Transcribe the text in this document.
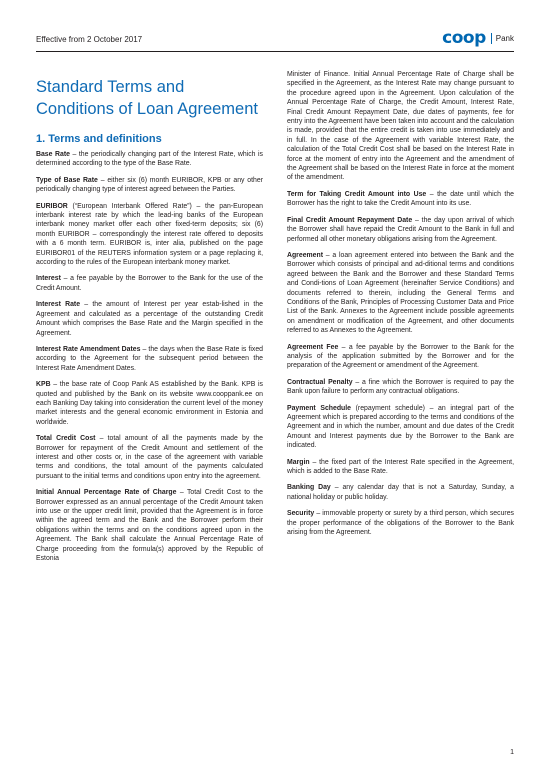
Effective from 2 October 2017	coop Pank
Standard Terms and Conditions of Loan Agreement
1. Terms and definitions

Base Rate – the periodically changing part of the Interest Rate, which is determined according to the type of the Base Rate.

Type of Base Rate – either six (6) month EURIBOR, KPB or any other periodically changing type of interest agreed between the Parties.

EURIBOR (“European Interbank Offered Rate”) – the pan-European interbank interest rate by which the lead-ing banks of the European interbank money market offer each other fixed-term deposits; six (6) month EURIBOR – correspondingly the interest rate offered to deposits with a 6 month term. EURIBOR is, inter alia, published on the page EURIBOR01 of the REUTERS information system or a page replacing it, according to the rules of the European interbank money market.

Interest – a fee payable by the Borrower to the Bank for the use of the Credit Amount.

Interest Rate – the amount of Interest per year estab-lished in the Agreement and calculated as a percentage of the outstanding Credit Amount which comprises the Base Rate and the Margin specified in the Agreement.

Interest Rate Amendment Dates – the days when the Base Rate is fixed according to the Agreement for the subsequent period between the Interest Rate Amendment Dates.

KPB – the base rate of Coop Pank AS established by the Bank. KPB is quoted and published by the Bank on its website www.cooppank.ee on each Banking Day taking into consideration the current level of the money market interests and the general economic environment in Estonia and worldwide.

Total Credit Cost – total amount of all the payments made by the Borrower for repayment of the Credit Amount and settlement of the interest and other costs or, in the case of the agreement with variable terms and conditions, the total amount of the payments calculated pursuant to the initial terms and conditions upon entry into the agreement.

Initial Annual Percentage Rate of Charge – Total Credit Cost to the Borrower expressed as an annual percentage of the Credit Amount taken into use or the upper credit limit, provided that the Agreement is in force within the agreed term and the Bank and the Borrower perform their obligations within the terms and on the conditions agreed upon in the Agreement. The Bank shall calculate the Annual Percentage Rate of Charge proceeding from the formula(s) approved by the Republic of Estonia

Minister of Finance. Initial Annual Percentage Rate of Charge shall be specified in the Agreement, as the Interest Rate may change pursuant to the procedure agreed upon in the Agreement. Upon calculation of the Annual Percentage Rate of Charge, the Credit Amount, Interest Rate, Final Credit Amount Repayment Date, due dates of payments, fee for entry into the Agreement have been taken into account and the calculation is made, provided that the entire credit is taken into use immediately and in full. In the case of the Agreement with variable Interest Rate, the calculation of the Total Credit Cost shall be based on the Interest Rate in force at the moment of entry into the Agreement and the amendment of the Agreement shall be based on the Interest Rate in force at the moment of the amendment.

Term for Taking Credit Amount into Use – the date until which the Borrower has the right to take the Credit Amount into its use.

Final Credit Amount Repayment Date – the day upon arrival of which the Borrower shall have repaid the Credit Amount to the Bank in full and performed all other monetary obligations arising from the Agreement.

Agreement – a loan agreement entered into between the Bank and the Borrower which consists of principal and ad-ditional terms and conditions agreed between the Bank and the Borrower and these Standard Terms and Condi-tions of Loan Agreement (hereinafter Service Conditions) and documents referred to therein, including the General Terms and Conditions of the Bank, Principles of Processing Customer Data and Price List of the Bank. Annexes to the Agreement include possible agreements on amendment or modification of the Agreement, and other documents referred to as Annexes to the Agreement.

Agreement Fee – a fee payable by the Borrower to the Bank for the analysis of the application submitted by the Borrower and for the preparation of the Agreement or amendment of the Agreement.

Contractual Penalty – a fine which the Borrower is required to pay the Bank upon failure to perform any contractual obligations.

Payment Schedule (repayment schedule) – an integral part of the Agreement which is prepared according to the terms and conditions of the Agreement and in which the number, amount and due dates of the Credit Amount and Interest payments due by the Borrower to the Bank are indicated.

Margin – the fixed part of the Interest Rate specified in the Agreement, which is added to the Base Rate.

Banking Day – any calendar day that is not a Saturday, Sunday, a national holiday or public holiday.

Security – immovable property or surety by a third person, which secures the proper performance of the obligations of the Borrower to the Bank arising from the Agreement.

1
